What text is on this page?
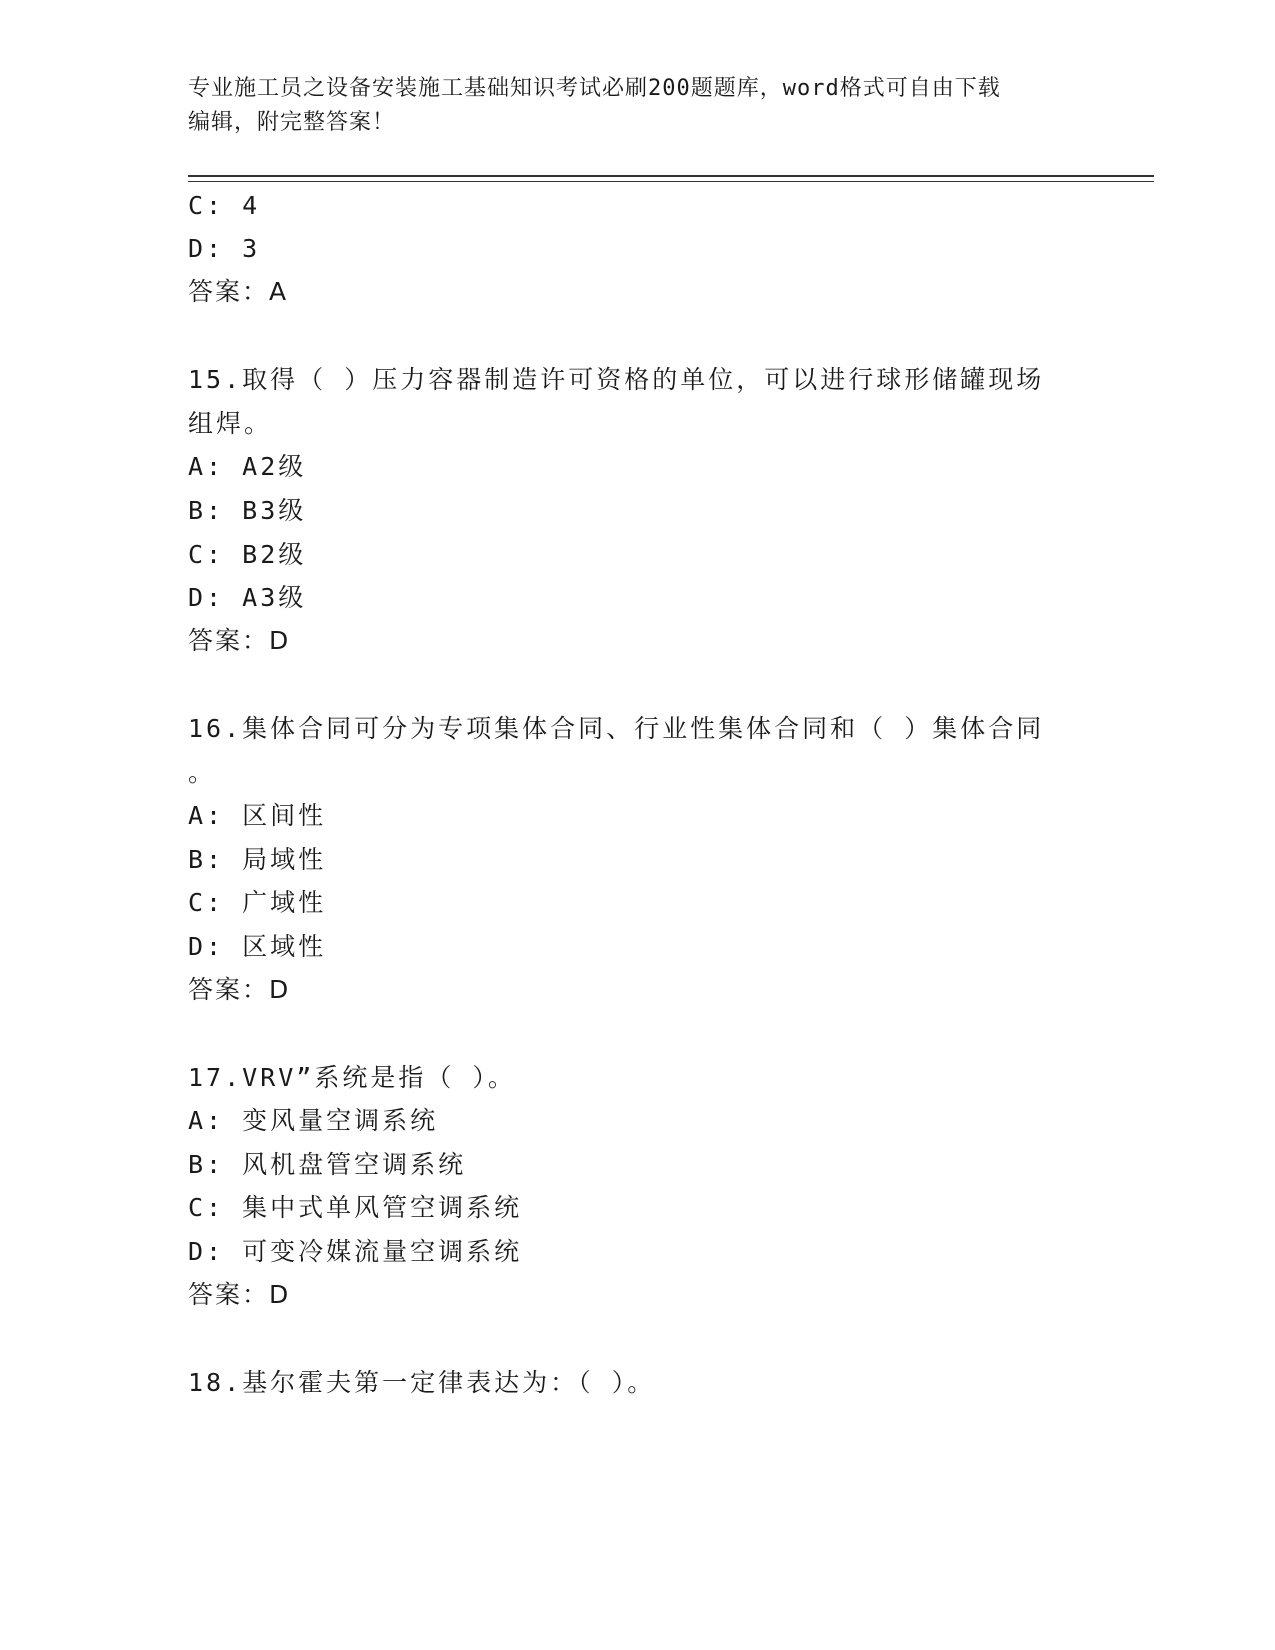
专业施工员之设备安装施工基础知识考试必刷200题题库，word格式可自由下载
编辑，附完整答案！
C: 4
D: 3
答案：A
15.取得（ ）压力容器制造许可资格的单位，可以进行球形储罐现场
组焊。
A: A2级
B: B3级
C: B2级
D: A3级
答案：D
16.集体合同可分为专项集体合同、行业性集体合同和（ ）集体合同
。
A: 区间性
B: 局域性
C: 广域性
D: 区域性
答案：D
17.VRV”系统是指（ ）。
A: 变风量空调系统
B: 风机盘管空调系统
C: 集中式单风管空调系统
D: 可变冷媒流量空调系统
答案：D
18.基尔霍夫第一定律表达为：（ ）。
